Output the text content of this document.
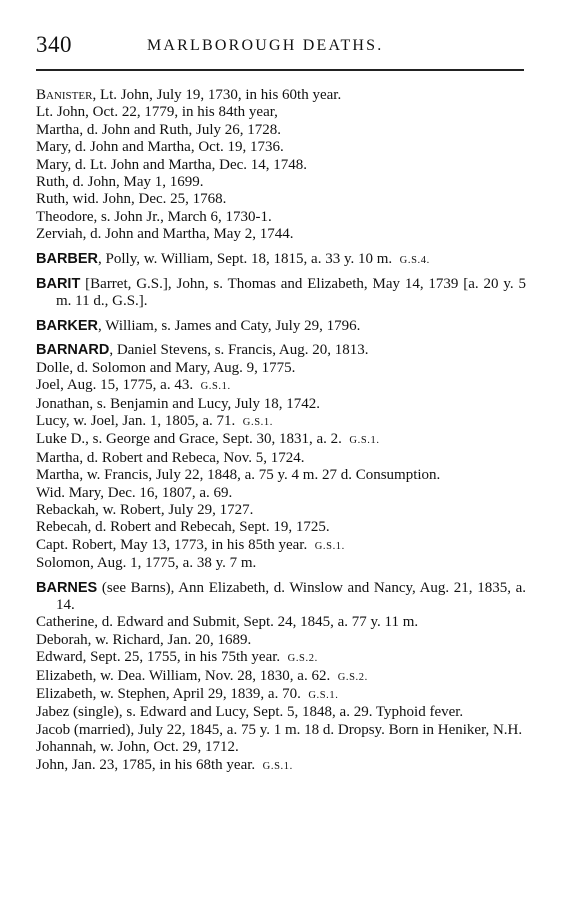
340	MARLBOROUGH DEATHS.
Banister, Lt. John, July 19, 1730, in his 60th year.
Lt. John, Oct. 22, 1779, in his 84th year,
Martha, d. John and Ruth, July 26, 1728.
Mary, d. John and Martha, Oct. 19, 1736.
Mary, d. Lt. John and Martha, Dec. 14, 1748.
Ruth, d. John, May 1, 1699.
Ruth, wid. John, Dec. 25, 1768.
Theodore, s. John Jr., March 6, 1730-1.
Zerviah, d. John and Martha, May 2, 1744.
BARBER, Polly, w. William, Sept. 18, 1815, a. 33 y. 10 m.  G.S.4.
BARIT [Barret, G.S.], John, s. Thomas and Elizabeth, May 14, 1739 [a. 20 y. 5 m. 11 d., G.S.].
BARKER, William, s. James and Caty, July 29, 1796.
BARNARD, Daniel Stevens, s. Francis, Aug. 20, 1813.
Dolle, d. Solomon and Mary, Aug. 9, 1775.
Joel, Aug. 15, 1775, a. 43.  G.S.1.
Jonathan, s. Benjamin and Lucy, July 18, 1742.
Lucy, w. Joel, Jan. 1, 1805, a. 71.  G.S.1.
Luke D., s. George and Grace, Sept. 30, 1831, a. 2.  G.S.1.
Martha, d. Robert and Rebeca, Nov. 5, 1724.
Martha, w. Francis, July 22, 1848, a. 75 y. 4 m. 27 d. Consumption.
Wid. Mary, Dec. 16, 1807, a. 69.
Rebackah, w. Robert, July 29, 1727.
Rebecah, d. Robert and Rebecah, Sept. 19, 1725.
Capt. Robert, May 13, 1773, in his 85th year.  G.S.1.
Solomon, Aug. 1, 1775, a. 38 y. 7 m.
BARNES (see Barns), Ann Elizabeth, d. Winslow and Nancy, Aug. 21, 1835, a. 14.
Catherine, d. Edward and Submit, Sept. 24, 1845, a. 77 y. 11 m.
Deborah, w. Richard, Jan. 20, 1689.
Edward, Sept. 25, 1755, in his 75th year.  G.S.2.
Elizabeth, w. Dea. William, Nov. 28, 1830, a. 62.  G.S.2.
Elizabeth, w. Stephen, April 29, 1839, a. 70.  G.S.1.
Jabez (single), s. Edward and Lucy, Sept. 5, 1848, a. 29. Typhoid fever.
Jacob (married), July 22, 1845, a. 75 y. 1 m. 18 d. Dropsy. Born in Heniker, N.H.
Johannah, w. John, Oct. 29, 1712.
John, Jan. 23, 1785, in his 68th year.  G.S.1.
